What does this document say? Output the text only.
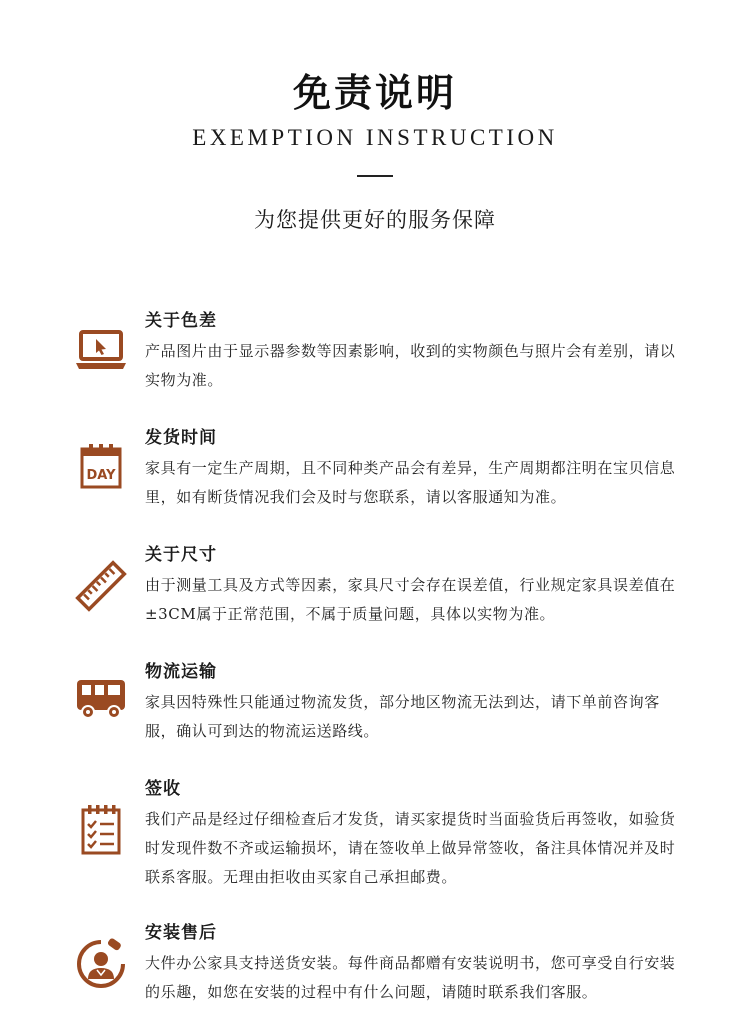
免责说明
EXEMPTION INSTRUCTION
为您提供更好的服务保障
关于色差
产品图片由于显示器参数等因素影响，收到的实物颜色与照片会有差别，请以实物为准。
DAY
发货时间
家具有一定生产周期，且不同种类产品会有差异，生产周期都注明在宝贝信息里，如有断货情况我们会及时与您联系，请以客服通知为准。
关于尺寸
由于测量工具及方式等因素，家具尺寸会存在误差值，行业规定家具误差值在±3CM属于正常范围，不属于质量问题，具体以实物为准。
物流运输
家具因特殊性只能通过物流发货，部分地区物流无法到达，请下单前咨询客服，确认可到达的物流运送路线。
签收
我们产品是经过仔细检查后才发货，请买家提货时当面验货后再签收，如验货时发现件数不齐或运输损坏，请在签收单上做异常签收，备注具体情况并及时联系客服。无理由拒收由买家自己承担邮费。
安装售后
大件办公家具支持送货安装。每件商品都赠有安装说明书，您可享受自行安装的乐趣，如您在安装的过程中有什么问题，请随时联系我们客服。
